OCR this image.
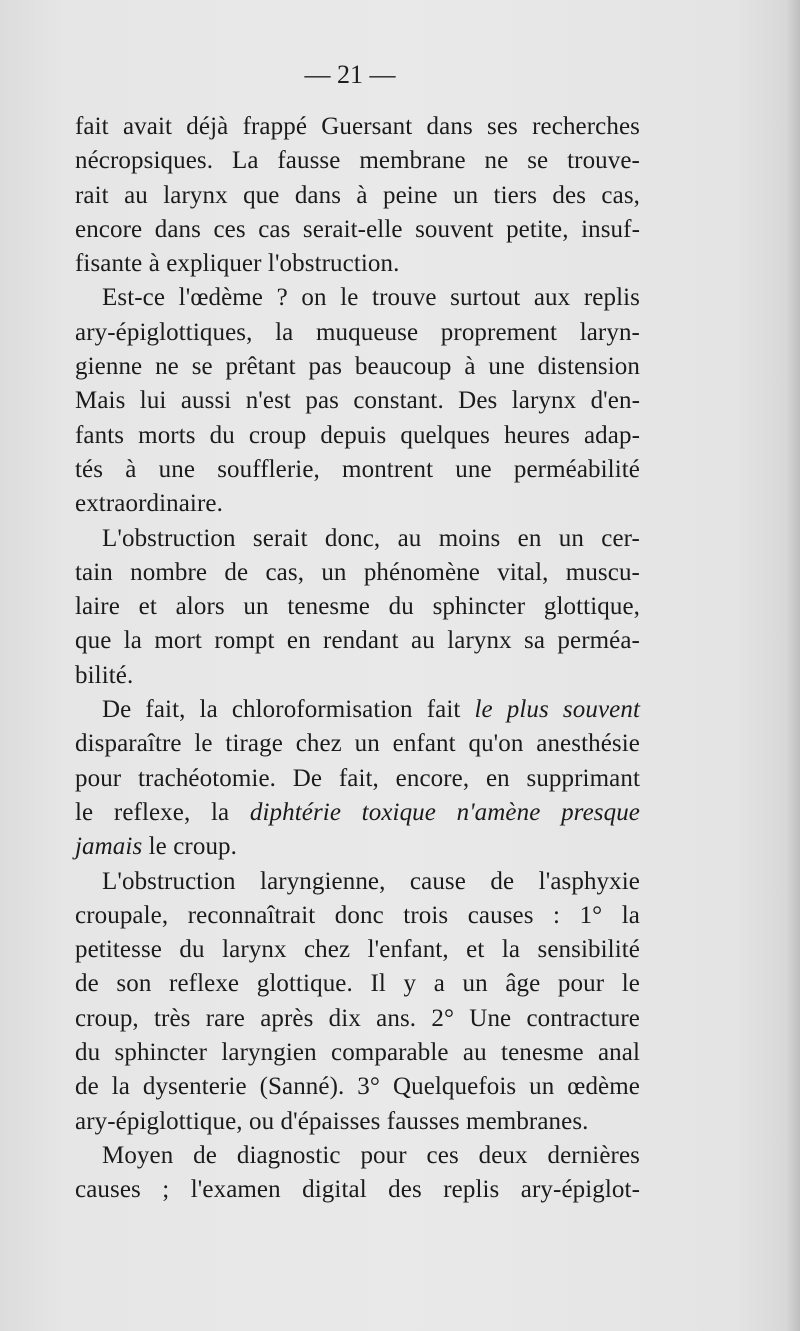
— 21 —
fait avait déjà frappé Guersant dans ses recherches
nécropsiques. La fausse membrane ne se trouve-
rait au larynx que dans à peine un tiers des cas,
encore dans ces cas serait-elle souvent petite, insuf-
fisante à expliquer l'obstruction.
Est-ce l'œdème ? on le trouve surtout aux replis
ary-épiglottiques, la muqueuse proprement laryn-
gienne ne se prêtant pas beaucoup à une distension
Mais lui aussi n'est pas constant. Des larynx d'en-
fants morts du croup depuis quelques heures adap-
tés à une soufflerie, montrent une perméabilité
extraordinaire.
L'obstruction serait donc, au moins en un cer-
tain nombre de cas, un phénomène vital, muscu-
laire et alors un tenesme du sphincter glottique,
que la mort rompt en rendant au larynx sa perméa-
bilité.
De fait, la chloroformisation fait le plus souvent
disparaître le tirage chez un enfant qu'on anesthésie
pour trachéotomie. De fait, encore, en supprimant
le reflexe, la diphtérie toxique n'amène presque
jamais le croup.
L'obstruction laryngienne, cause de l'asphyxie
croupale, reconnaîtrait donc trois causes : 1° la
petitesse du larynx chez l'enfant, et la sensibilité
de son reflexe glottique. Il y a un âge pour le
croup, très rare après dix ans. 2° Une contracture
du sphincter laryngien comparable au tenesme anal
de la dysenterie (Sanné). 3° Quelquefois un œdème
ary-épiglottique, ou d'épaisses fausses membranes.
Moyen de diagnostic pour ces deux dernières
causes ; l'examen digital des replis ary-épiglot-
